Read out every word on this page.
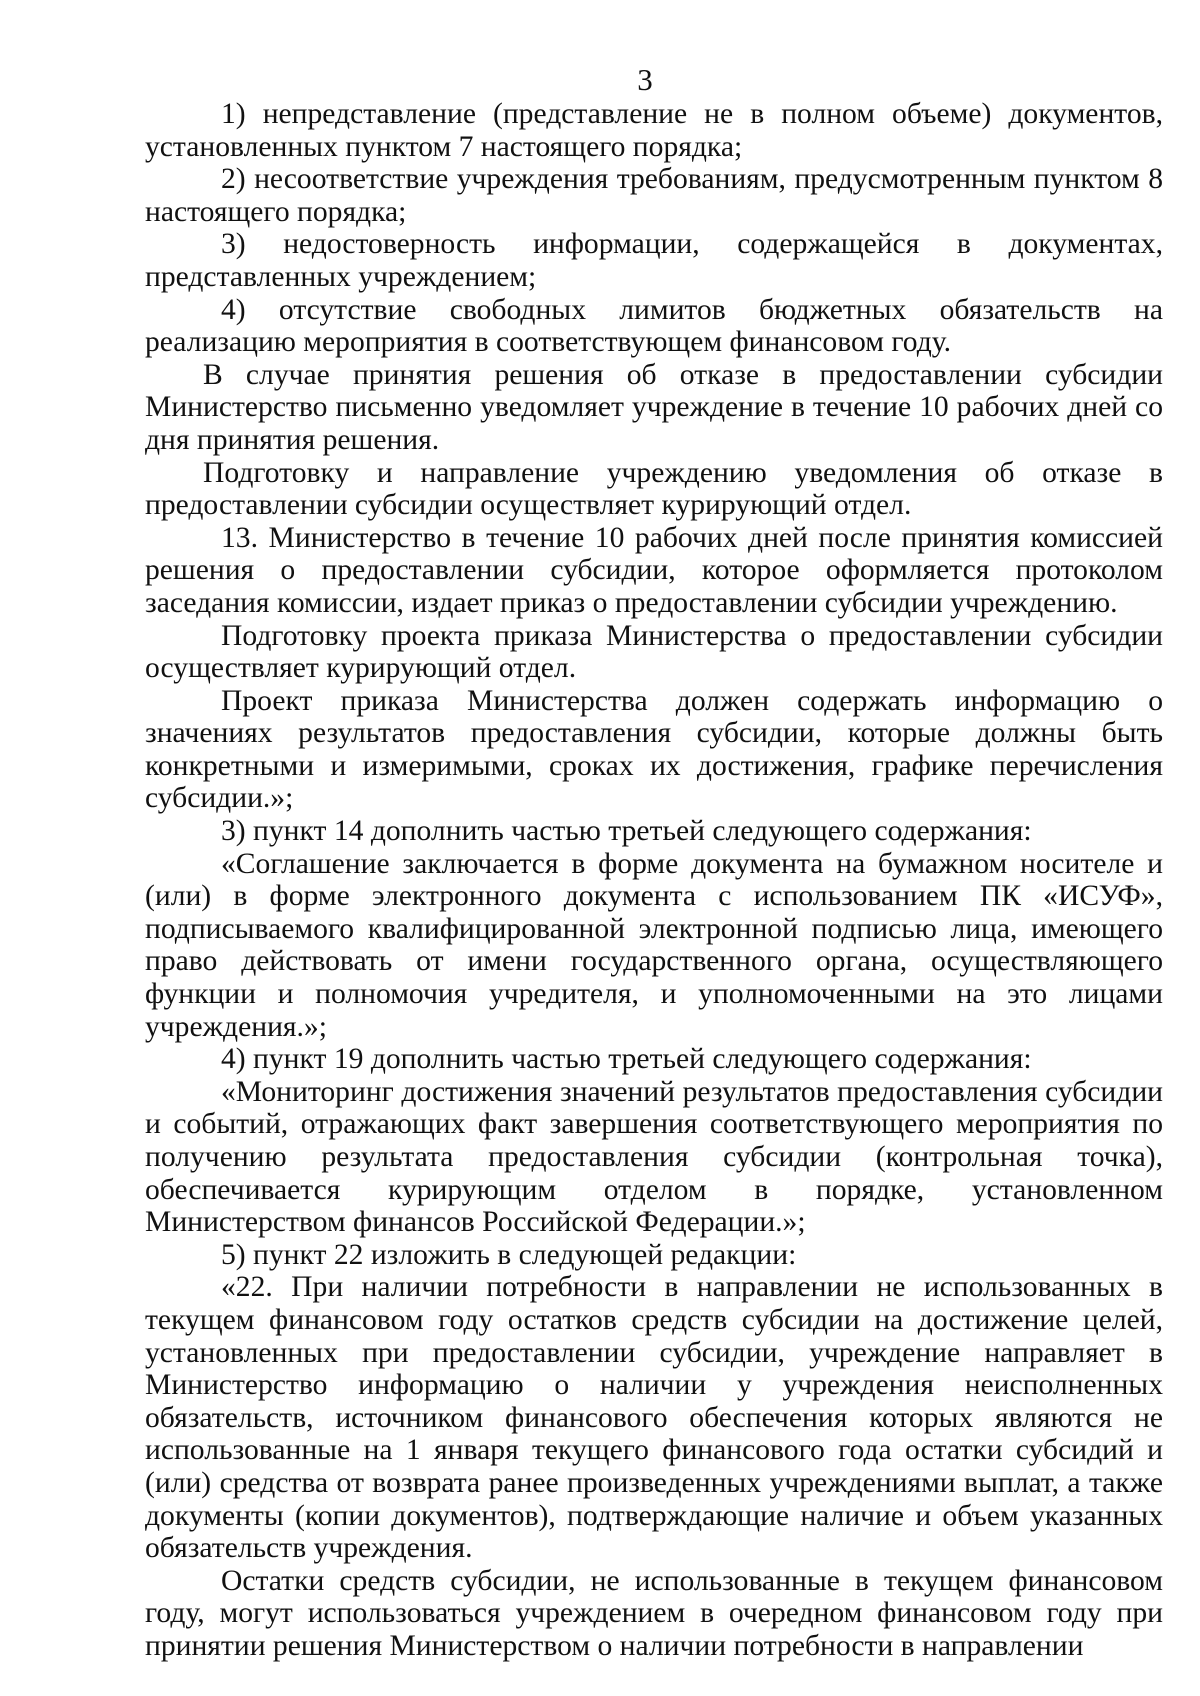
3

1) непредставление (представление не в полном объеме) документов, установленных пунктом 7 настоящего порядка;

2) несоответствие учреждения требованиям, предусмотренным пунктом 8 настоящего порядка;

3) недостоверность информации, содержащейся в документах, представленных учреждением;

4) отсутствие свободных лимитов бюджетных обязательств на реализацию мероприятия в соответствующем финансовом году.

В случае принятия решения об отказе в предоставлении субсидии Министерство письменно уведомляет учреждение в течение 10 рабочих дней со дня принятия решения.

Подготовку и направление учреждению уведомления об отказе в предоставлении субсидии осуществляет курирующий отдел.

13. Министерство в течение 10 рабочих дней после принятия комиссией решения о предоставлении субсидии, которое оформляется протоколом заседания комиссии, издает приказ о предоставлении субсидии учреждению.

Подготовку проекта приказа Министерства о предоставлении субсидии осуществляет курирующий отдел.

Проект приказа Министерства должен содержать информацию о значениях результатов предоставления субсидии, которые должны быть конкретными и измеримыми, сроках их достижения, графике перечисления субсидии.»;

3) пункт 14 дополнить частью третьей следующего содержания:

«Соглашение заключается в форме документа на бумажном носителе и (или) в форме электронного документа с использованием ПК «ИСУФ», подписываемого квалифицированной электронной подписью лица, имеющего право действовать от имени государственного органа, осуществляющего функции и полномочия учредителя, и уполномоченными на это лицами учреждения.»;

4) пункт 19 дополнить частью третьей следующего содержания:

«Мониторинг достижения значений результатов предоставления субсидии и событий, отражающих факт завершения соответствующего мероприятия по получению результата предоставления субсидии (контрольная точка), обеспечивается курирующим отделом в порядке, установленном Министерством финансов Российской Федерации.»;

5) пункт 22 изложить в следующей редакции:

«22. При наличии потребности в направлении не использованных в текущем финансовом году остатков средств субсидии на достижение целей, установленных при предоставлении субсидии, учреждение направляет в Министерство информацию о наличии у учреждения неисполненных обязательств, источником финансового обеспечения которых являются не использованные на 1 января текущего финансового года остатки субсидий и (или) средства от возврата ранее произведенных учреждениями выплат, а также документы (копии документов), подтверждающие наличие и объем указанных обязательств учреждения.

Остатки средств субсидии, не использованные в текущем финансовом году, могут использоваться учреждением в очередном финансовом году при принятии решения Министерством о наличии потребности в направлении
